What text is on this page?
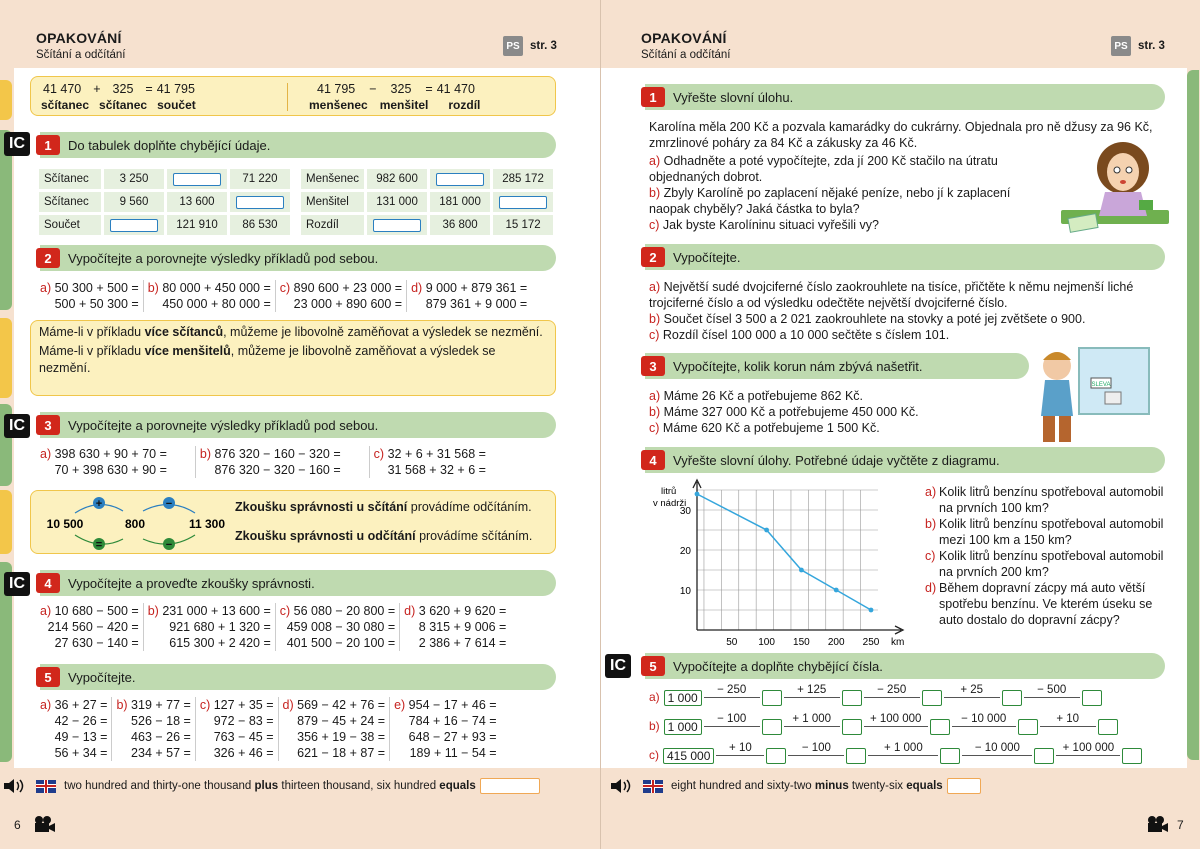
OPAKOVÁNÍ
Sčítání a odčítání
PS str. 3
41 470 + 325 = 41 795
sčítanec sčítanec součet
41 795 − 325 = 41 470
menšenec menšitel rozdíl
IC	1	Do tabulek doplňte chybějící údaje.
Sčítanec	3 250		71 220
Sčítanec	9 560	13 600	
Součet		121 910	86 530
Menšenec	982 600		285 172
Menšitel	131 000	181 000	
Rozdíl		36 800	15 172
2	Vypočítejte a porovnejte výsledky příkladů pod sebou.
a) 50 300 + 500 =
500 + 50 300 =
b) 80 000 + 450 000 =
450 000 + 80 000 =
c) 890 600 + 23 000 =
23 000 + 890 600 =
d) 9 000 + 879 361 =
879 361 + 9 000 =
Máme-li v příkladu více sčítanců, můžeme je libovolně zaměňovat a výsledek se nezmění.
Máme-li v příkladu více menšitelů, můžeme je libovolně zaměňovat a výsledek se nezmění.
IC	3	Vypočítejte a porovnejte výsledky příkladů pod sebou.
a) 398 630 + 90 + 70 =
70 + 398 630 + 90 =
b) 876 320 − 160 − 320 =
876 320 − 320 − 160 =
c) 32 + 6 + 31 568 =
31 568 + 32 + 6 =
+	−
=	−
10 500	800	11 300
Zkoušku správnosti u sčítání provádíme odčítáním.
Zkoušku správnosti u odčítání provádíme sčítáním.
IC	4	Vypočítejte a proveďte zkoušky správnosti.
a) 10 680 − 500 =
214 560 − 420 =
27 630 − 140 =
b) 231 000 + 13 600 =
921 680 + 1 320 =
615 300 + 2 420 =
c) 56 080 − 20 800 =
459 008 − 30 080 =
401 500 − 20 100 =
d) 3 620 + 9 620 =
8 315 + 9 006 =
2 386 + 7 614 =
5	Vypočítejte.
a) 36 + 27 =
42 − 26 =
49 − 13 =
56 + 34 =
b) 319 + 77 =
526 − 18 =
463 − 26 =
234 + 57 =
c) 127 + 35 =
972 − 83 =
763 − 45 =
326 + 46 =
d) 569 − 42 + 76 =
879 − 45 + 24 =
356 + 19 − 38 =
621 − 18 + 87 =
e) 954 − 17 + 46 =
784 + 16 − 74 =
648 − 27 + 93 =
189 + 11 − 54 =
two hundred and thirty-one thousand
plus
thirteen thousand, six hundred
equals
6
OPAKOVÁNÍ
Sčítání a odčítání
PS str. 3
1	Vyřešte slovní úlohu.
Karolína měla 200 Kč a pozvala kamarádky do cukrárny. Objednala pro ně džusy za 96 Kč, zmrzlinové poháry za 84 Kč a zákusky za 46 Kč.
a) Odhadněte a poté vypočítejte, zda jí 200 Kč stačilo na útratu objednaných dobrot.
b) Zbyly Karolíně po zaplacení nějaké peníze, nebo jí k zaplacení naopak chyběly? Jaká částka to byla?
c) Jak byste Karolíninu situaci vyřešili vy?
2	Vypočítejte.
a) Největší sudé dvojciferné číslo zaokrouhlete na tisíce, přičtěte k němu nejmenší liché trojciferné číslo a od výsledku odečtěte největší dvojciferné číslo.
b) Součet čísel 3 500 a 2 021 zaokrouhlete na stovky a poté jej zvětšete o 900.
c) Rozdíl čísel 100 000 a 10 000 sečtěte s číslem 101.
3	Vypočítejte, kolik korun nám zbývá našetřit.
a) Máme 26 Kč a potřebujeme 862 Kč.
b) Máme 327 000 Kč a potřebujeme 450 000 Kč.
c) Máme 620 Kč a potřebujeme 1 500 Kč.
SLEVA
4	Vyřešte slovní úlohy. Potřebné údaje vyčtěte z diagramu.
litrů
v nádrži
km
50 100 150 200 250
10
20
30
a) Kolik litrů benzínu spotřeboval automobil na prvních 100 km?
b) Kolik litrů benzínu spotřeboval automobil mezi 100 km a 150 km?
c) Kolik litrů benzínu spotřeboval automobil na prvních 200 km?
d) Během dopravní zácpy má auto větší spotřebu benzínu. Ve kterém úseku se auto dostalo do dopravní zácpy?
IC	5	Vypočítejte a doplňte chybějící čísla.
a) 1 000
− 250	+ 125	− 250	+ 25	− 500
b) 1 000
− 100	+ 1 000	+ 100 000	− 10 000	+ 10
c) 415 000
+ 10	− 100	+ 1 000	− 10 000	+ 100 000
eight hundred and sixty-two
minus
twenty-six
equals
7
